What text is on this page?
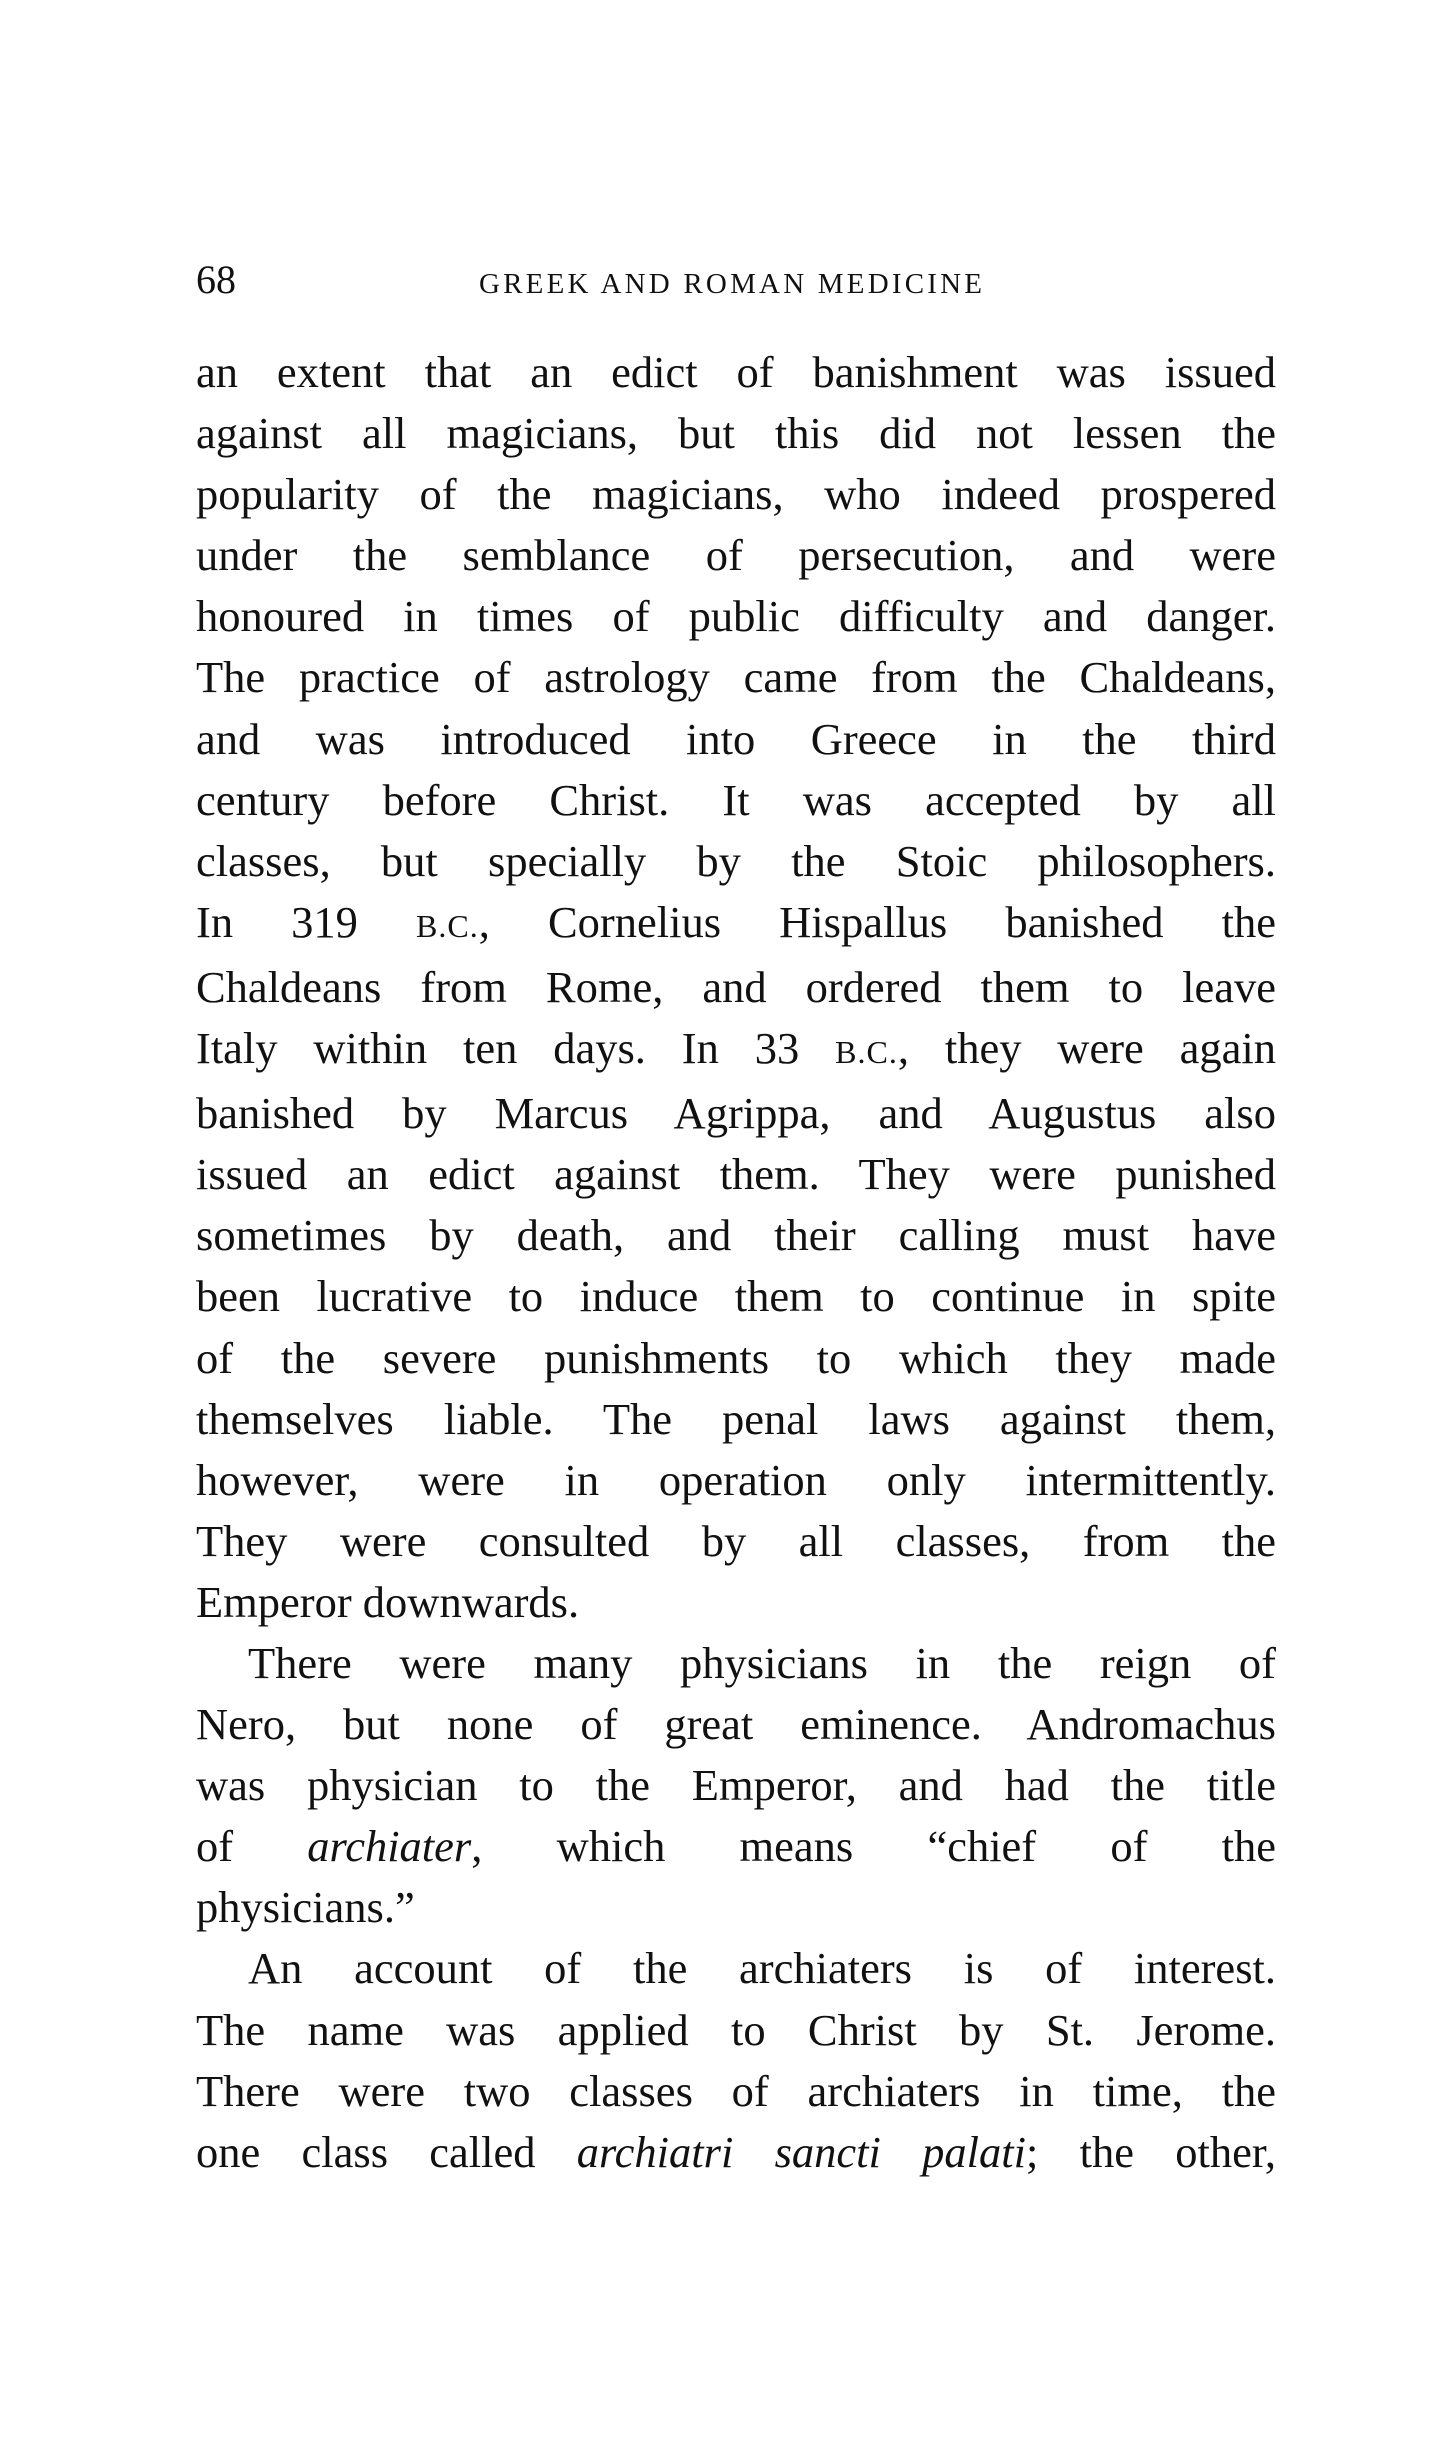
68	GREEK AND ROMAN MEDICINE

an extent that an edict of banishment was issued
against all magicians, but this did not lessen the
popularity of the magicians, who indeed prospered
under the semblance of persecution, and were
honoured in times of public difficulty and danger.
The practice of astrology came from the Chaldeans,
and was introduced into Greece in the third
century before Christ. It was accepted by all
classes, but specially by the Stoic philosophers.

In 319 B.C., Cornelius Hispallus banished the
Chaldeans from Rome, and ordered them to leave
Italy within ten days. In 33 B.C., they were again
banished by Marcus Agrippa, and Augustus also
issued an edict against them. They were punished
sometimes by death, and their calling must have
been lucrative to induce them to continue in spite
of the severe punishments to which they made
themselves liable. The penal laws against them,
however, were in operation only intermittently.
They were consulted by all classes, from the
Emperor downwards.

There were many physicians in the reign of
Nero, but none of great eminence. Andromachus
was physician to the Emperor, and had the title
of archiater, which means “chief of the
physicians.”

An account of the archiaters is of interest.
The name was applied to Christ by St. Jerome.
There were two classes of archiaters in time, the
one class called archiatri sancti palati; the other,
